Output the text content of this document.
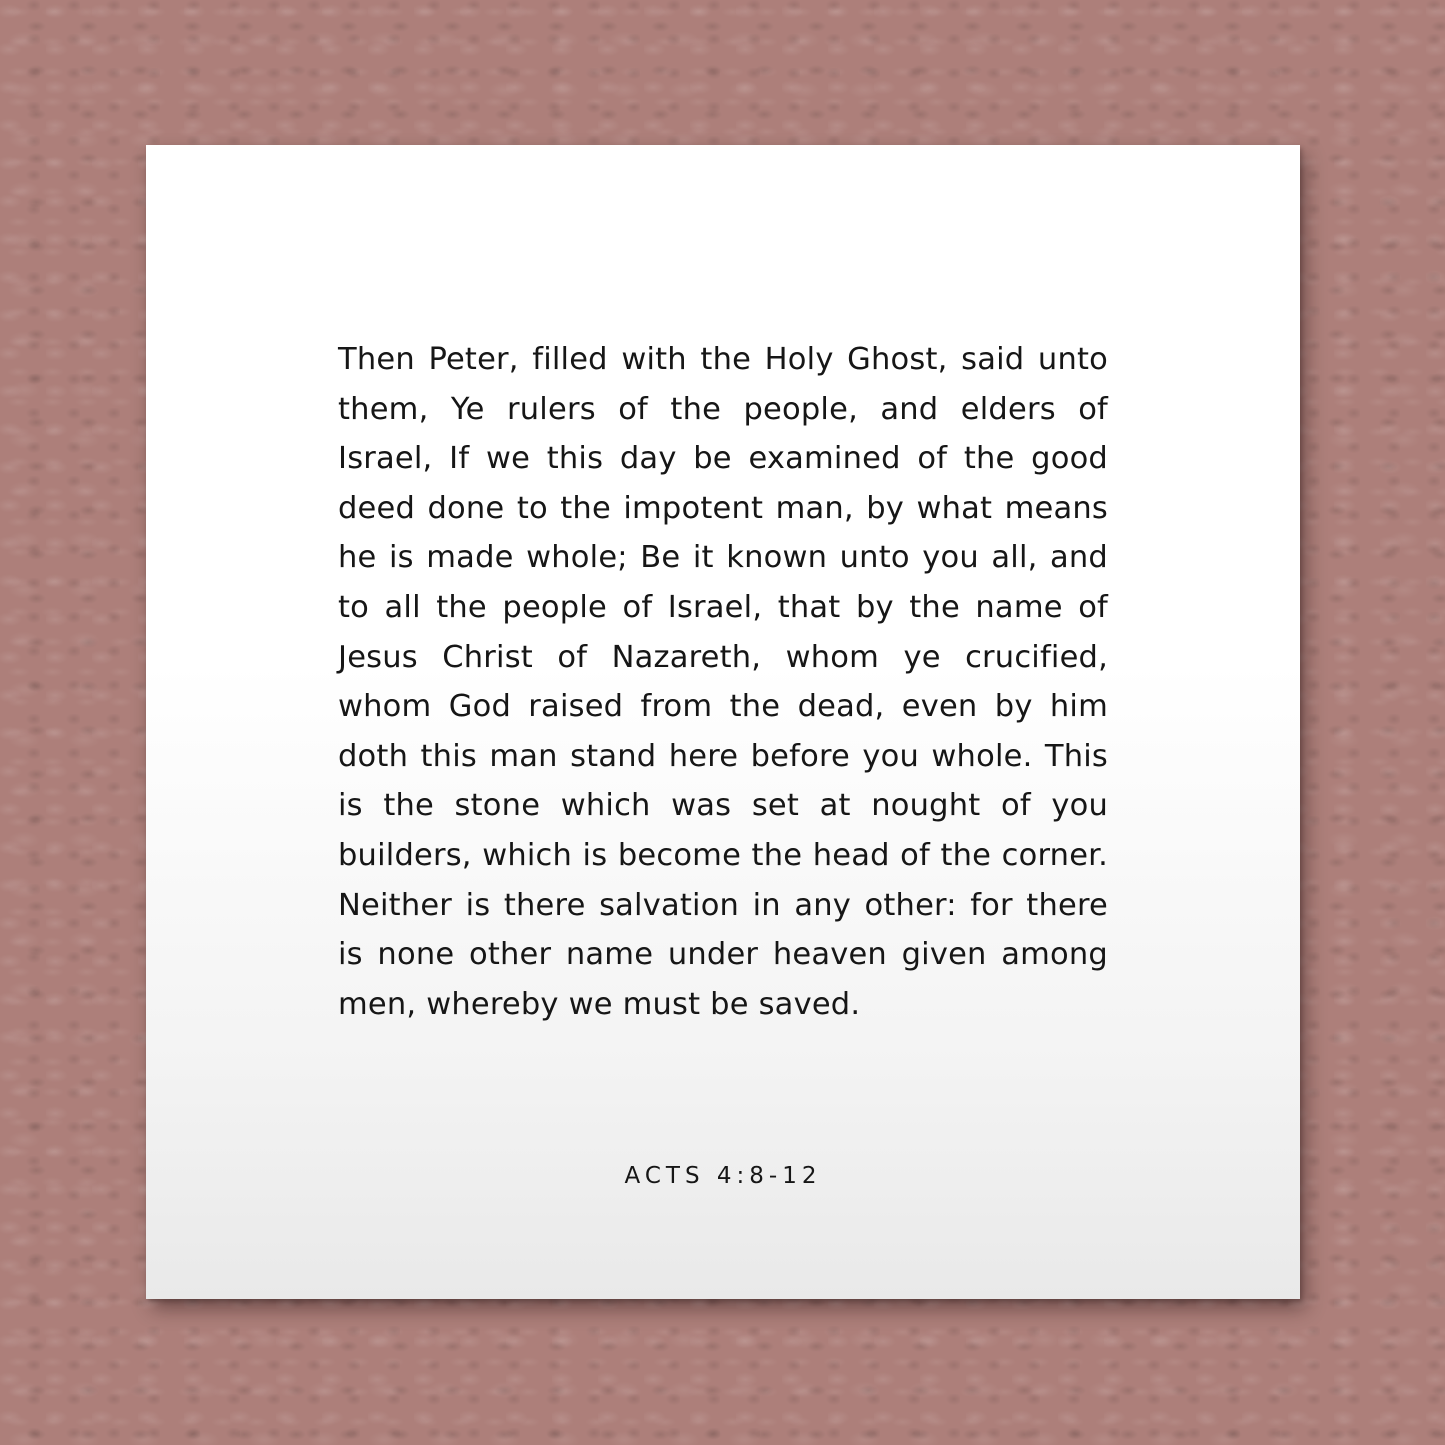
Then Peter, filled with the Holy Ghost, said unto them, Ye rulers of the people, and elders of Israel, If we this day be examined of the good deed done to the impotent man, by what means he is made whole; Be it known unto you all, and to all the people of Israel, that by the name of Jesus Christ of Nazareth, whom ye crucified, whom God raised from the dead, even by him doth this man stand here before you whole. This is the stone which was set at nought of you builders, which is become the head of the corner. Neither is there salvation in any other: for there is none other name under heaven given among men, whereby we must be saved.

ACTS 4:8-12
